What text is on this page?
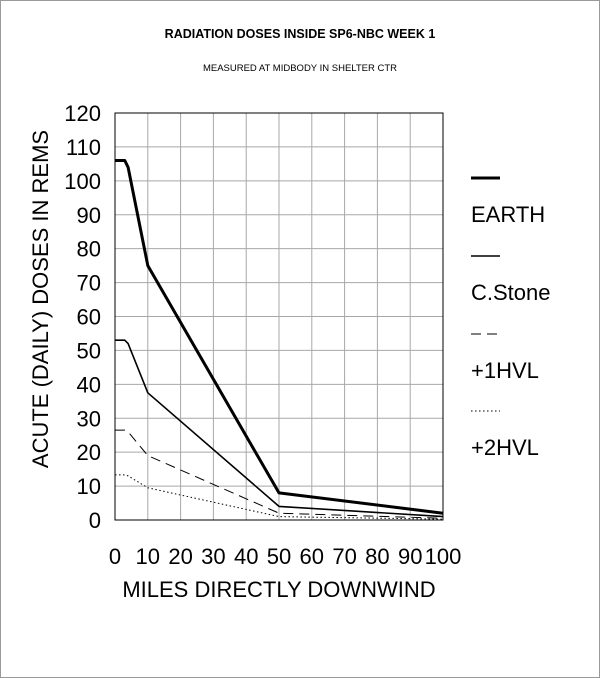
RADIATION DOSES INSIDE SP6-NBC WEEK 1
MEASURED AT MIDBODY IN SHELTER CTR
0
10
20
30
40
50
60
70
80
90
100
110
120
0 10 20 30 40 50 60 70 80 90 100
EARTH
C.Stone
+1HVL
+2HVL
MILES DIRECTLY DOWNWIND
ACUTE (DAILY) DOSES IN REMS
